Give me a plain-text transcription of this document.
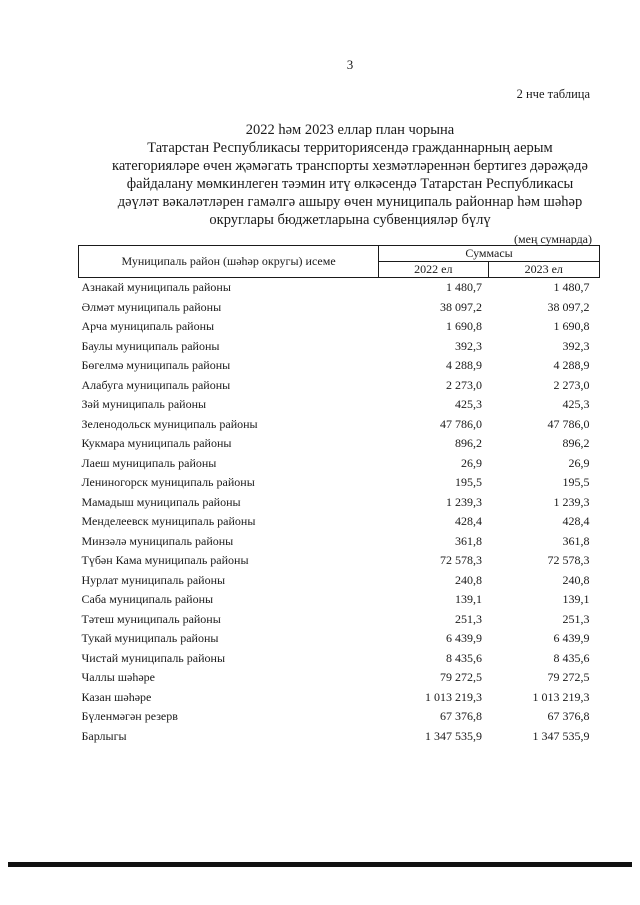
3
2 нче таблица
2022 һәм 2023 еллар план чорына
Татарстан Республикасы территориясендә гражданнарның аерым
категорияләре өчен җәмәгать транспорты хезмәтләреннән бертигез дәрәҗәдә
файдалану мөмкинлеген тәэмин итү өлкәсендә Татарстан Республикасы
дәүләт вәкаләтләрен гамәлгә ашыру өчен муниципаль районнар һәм шәһәр
округлары бюджетларына субвенцияләр бүлү
(мең сумнарда)
Муниципаль район (шәһәр округы) исеме	Суммасы	
	2022 ел	2023 ел
Азнакай муниципаль районы	1 480,7	1 480,7
Әлмәт муниципаль районы	38 097,2	38 097,2
Арча муниципаль районы	1 690,8	1 690,8
Баулы муниципаль районы	392,3	392,3
Бөгелмә муниципаль районы	4 288,9	4 288,9
Алабуга муниципаль районы	2 273,0	2 273,0
Зәй муниципаль районы	425,3	425,3
Зеленодольск муниципаль районы	47 786,0	47 786,0
Кукмара муниципаль районы	896,2	896,2
Лаеш муниципаль районы	26,9	26,9
Лениногорск муниципаль районы	195,5	195,5
Мамадыш муниципаль районы	1 239,3	1 239,3
Менделеевск муниципаль районы	428,4	428,4
Минзәлә муниципаль районы	361,8	361,8
Түбән Кама муниципаль районы	72 578,3	72 578,3
Нурлат муниципаль районы	240,8	240,8
Саба муниципаль районы	139,1	139,1
Тәтеш муниципаль районы	251,3	251,3
Тукай муниципаль районы	6 439,9	6 439,9
Чистай муниципаль районы	8 435,6	8 435,6
Чаллы шәһәре	79 272,5	79 272,5
Казан шәһәре	1 013 219,3	1 013 219,3
Бүленмәгән резерв	67 376,8	67 376,8
Барлыгы	1 347 535,9	1 347 535,9
